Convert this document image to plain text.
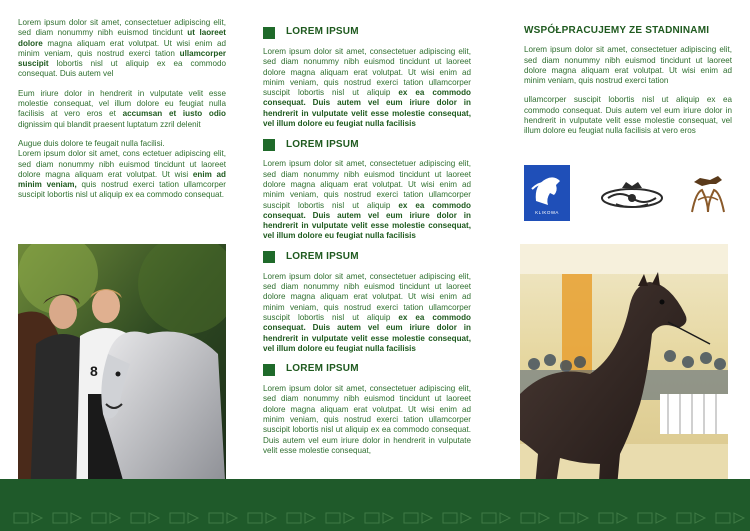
Lorem ipsum dolor sit amet, consectetuer adipiscing elit, sed diam nonummy nibh euismod tincidunt ut laoreet dolore magna aliquam erat volutpat. Ut wisi enim ad minim veniam, quis nostrud exerci tation ullamcorper suscipit lobortis nisl ut aliquip ex ea commodo consequat. Duis autem vel

Eum iriure dolor in hendrerit in vulputate velit esse molestie consequat, vel illum dolore eu feugiat nulla facilisis at vero eros et accumsan et iusto odio dignissim qui blandit praesent luptatum zzril delenit

Augue duis dolore te feugait nulla facilisi.
Lorem ipsum dolor sit amet, cons ectetuer adipiscing elit, sed diam nonummy nibh euismod tincidunt ut laoreet dolore magna aliquam erat volutpat. Ut wisi enim ad minim veniam, quis nostrud exerci tation ullamcorper suscipit lobortis nisl ut aliquip ex ea commodo consequat.

8
LOREM IPSUM

Lorem ipsum dolor sit amet, consectetuer adipiscing elit, sed diam nonummy nibh euismod tincidunt ut laoreet dolore magna aliquam erat volutpat. Ut wisi enim ad minim veniam, quis nostrud exerci tation ullamcorper suscipit lobortis nisl ut aliquip ex ea commodo consequat. Duis autem vel eum iriure dolor in hendrerit in vulputate velit esse molestie consequat, vel illum dolore eu feugiat nulla facilisis

LOREM IPSUM

Lorem ipsum dolor sit amet, consectetuer adipiscing elit, sed diam nonummy nibh euismod tincidunt ut laoreet dolore magna aliquam erat volutpat. Ut wisi enim ad minim veniam, quis nostrud exerci tation ullamcorper suscipit lobortis nisl ut aliquip ex ea commodo consequat. Duis autem vel eum iriure dolor in hendrerit in vulputate velit esse molestie consequat, vel illum dolore eu feugiat nulla facilisis

LOREM IPSUM

Lorem ipsum dolor sit amet, consectetuer adipiscing elit, sed diam nonummy nibh euismod tincidunt ut laoreet dolore magna aliquam erat volutpat. Ut wisi enim ad minim veniam, quis nostrud exerci tation ullamcorper suscipit lobortis nisl ut aliquip ex ea commodo consequat. Duis autem vel eum iriure dolor in hendrerit in vulputate velit esse molestie consequat, vel illum dolore eu feugiat nulla facilisis

LOREM IPSUM

Lorem ipsum dolor sit amet, consectetuer adipiscing elit, sed diam nonummy nibh euismod tincidunt ut laoreet dolore magna aliquam erat volutpat. Ut wisi enim ad minim veniam, quis nostrud exerci tation ullamcorper suscipit lobortis nisl ut aliquip ex ea commodo consequat. Duis autem vel eum iriure dolor in hendrerit in vulputate velit esse molestie consequat,

WSPÓŁPRACUJEMY ZE STADNINAMI

Lorem ipsum dolor sit amet, consectetuer adipiscing elit, sed diam nonummy nibh euismod tincidunt ut laoreet dolore magna aliquam erat volutpat. Ut wisi enim ad minim veniam, quis nostrud exerci tation

ullamcorper suscipit lobortis nisl ut aliquip ex ea commodo consequat. Duis autem vel eum iriure dolor in hendrerit in vulputate velit esse molestie consequat, vel illum dolore eu feugiat nulla facilisis at vero eros

KLIKOWA
